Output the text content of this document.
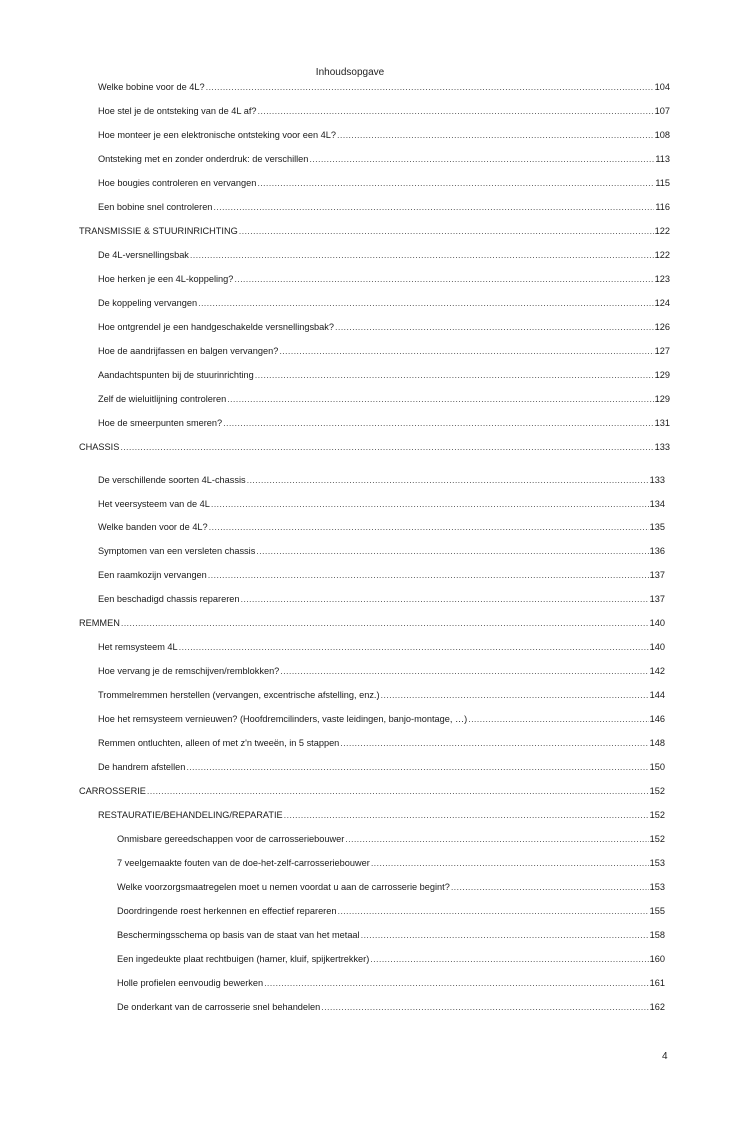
Inhoudsopgave
Welke bobine voor de 4L? .....	104
Hoe stel je de ontsteking van de 4L af? .....	107
Hoe monteer je een elektronische ontsteking voor een 4L? .....	108
Ontsteking met en zonder onderdruk: de verschillen .....	113
Hoe bougies controleren en vervangen .....	115
Een bobine snel controleren .....	116
TRANSMISSIE & STUURINRICHTING .....	122
De 4L-versnellingsbak .....	122
Hoe herken je een 4L-koppeling? .....	123
De koppeling vervangen .....	124
Hoe ontgrendel je een handgeschakelde versnellingsbak? .....	126
Hoe de aandrijfassen en balgen vervangen? .....	127
Aandachtspunten bij de stuurinrichting .....	129
Zelf de wieluitlijning controleren .....	129
Hoe de smeerpunten smeren? .....	131
CHASSIS .....	133
De verschillende soorten 4L-chassis .....	133
Het veersysteem van de 4L .....	134
Welke banden voor de 4L? .....	135
Symptomen van een versleten chassis .....	136
Een raamkozijn vervangen .....	137
Een beschadigd chassis repareren .....	137
REMMEN .....	140
Het remsysteem 4L .....	140
Hoe vervang je de remschijven/remblokken? .....	142
Trommelremmen herstellen (vervangen, excentrische afstelling, enz.) .....	144
Hoe het remsysteem vernieuwen? (Hoofdremcilinders, vaste leidingen, banjo-montage, …) .....	146
Remmen ontluchten, alleen of met z'n tweeën, in 5 stappen .....	148
De handrem afstellen .....	150
CARROSSERIE .....	152
RESTAURATIE/BEHANDELING/REPARATIE .....	152
Onmisbare gereedschappen voor de carrosseriebouwer .....	152
7 veelgemaakte fouten van de doe-het-zelf-carrosseriebouwer .....	153
Welke voorzorgsmaatregelen moet u nemen voordat u aan de carrosserie begint? .....	153
Doordringende roest herkennen en effectief repareren .....	155
Beschermingsschema op basis van de staat van het metaal .....	158
Een ingedeukte plaat rechtbuigen (hamer, kluif, spijkertrekker) .....	160
Holle profielen eenvoudig bewerken .....	161
De onderkant van de carrosserie snel behandelen .....	162
4
